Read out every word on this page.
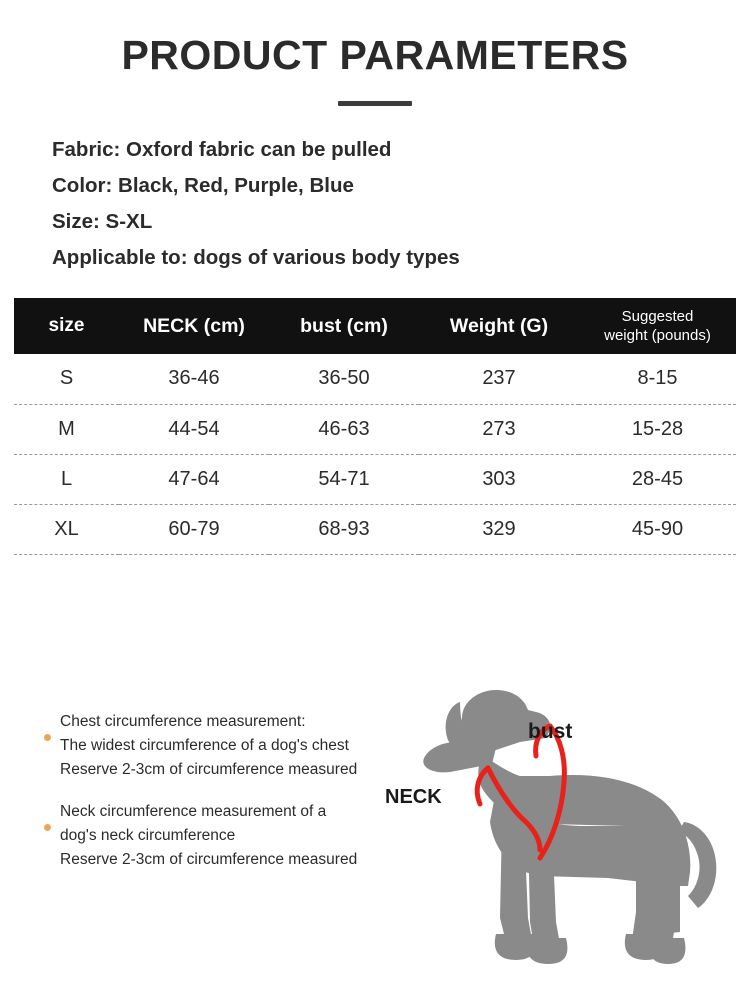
PRODUCT PARAMETERS
Fabric: Oxford fabric can be pulled
Color: Black, Red, Purple, Blue
Size: S-XL
Applicable to: dogs of various body types
size	NECK (cm)	bust (cm)	Weight (G)	Suggested
weight (pounds)
S	36-46	36-50	237	8-15
M	44-54	46-63	273	15-28
L	47-64	54-71	303	28-45
XL	60-79	68-93	329	45-90
Chest circumference measurement:
The widest circumference of a dog's chest
Reserve 2-3cm of circumference measured
Neck circumference measurement of a
dog's neck circumference
Reserve 2-3cm of circumference measured
bust
NECK
